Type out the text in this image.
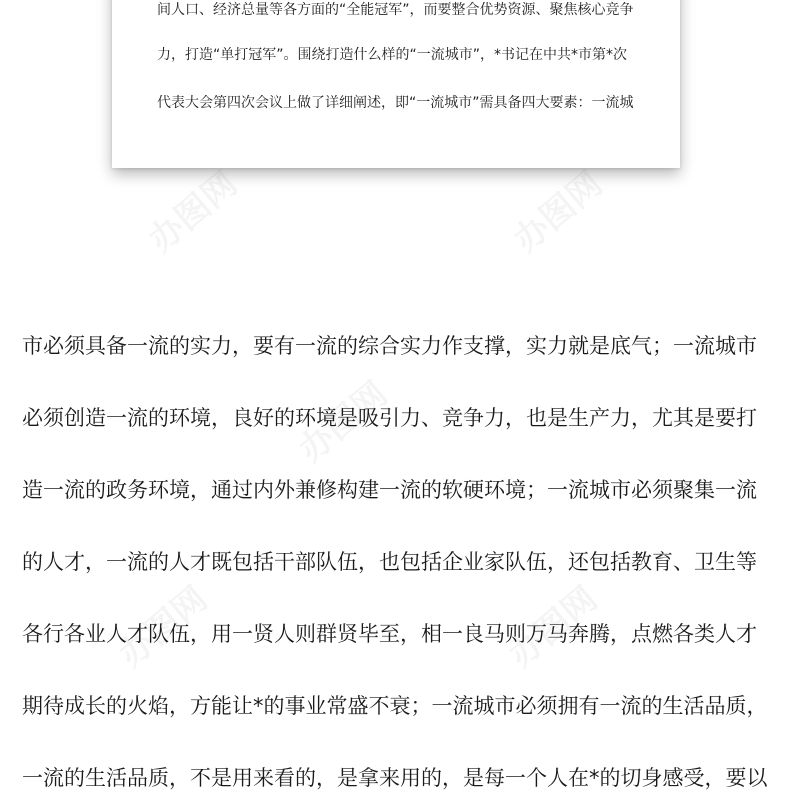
办图网	办图网
办图网
办图网	办图网
间人口、经济总量等各方面的“全能冠军”，而要整合优势资源、聚焦核心竞争
力，打造“单打冠军”。围绕打造什么样的“一流城市”，*书记在中共*市第*次
代表大会第四次会议上做了详细阐述，即“一流城市”需具备四大要素：一流城
市必须具备一流的实力，要有一流的综合实力作支撑，实力就是底气；一流城市
必须创造一流的环境，良好的环境是吸引力、竞争力，也是生产力，尤其是要打
造一流的政务环境，通过内外兼修构建一流的软硬环境；一流城市必须聚集一流
的人才，一流的人才既包括干部队伍，也包括企业家队伍，还包括教育、卫生等
各行各业人才队伍，用一贤人则群贤毕至，相一良马则万马奔腾，点燃各类人才
期待成长的火焰，方能让*的事业常盛不衰；一流城市必须拥有一流的生活品质，
一流的生活品质，不是用来看的，是拿来用的，是每一个人在*的切身感受，要以
